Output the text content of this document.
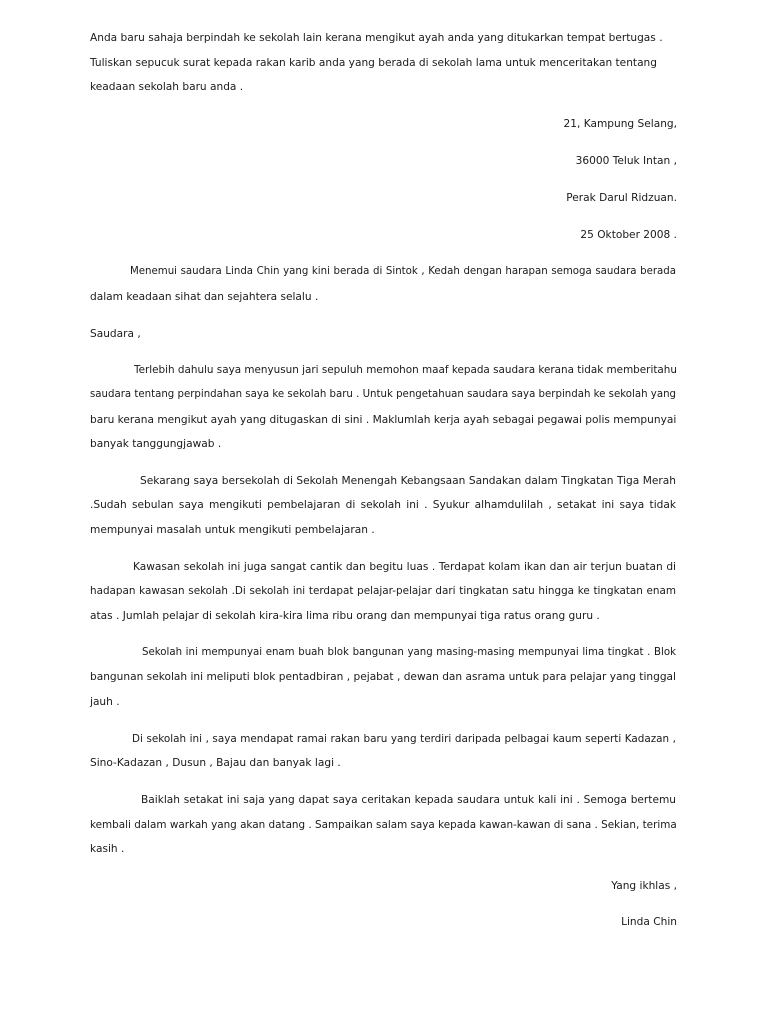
Anda baru sahaja berpindah ke sekolah lain kerana mengikut ayah anda yang ditukarkan tempat bertugas .
Tuliskan sepucuk surat kepada rakan karib anda yang berada di sekolah lama untuk menceritakan tentang
keadaan sekolah baru anda .
21, Kampung Selang,
36000 Teluk Intan ,
Perak Darul Ridzuan.
25 Oktober 2008 .
Menemui saudara Linda Chin yang kini berada di Sintok , Kedah dengan harapan semoga saudara berada
dalam keadaan sihat dan sejahtera selalu .
Saudara ,
Terlebih dahulu saya menyusun jari sepuluh memohon maaf kepada saudara kerana tidak memberitahu
saudara tentang perpindahan saya ke sekolah baru . Untuk pengetahuan saudara saya berpindah ke sekolah yang
baru kerana mengikut ayah yang ditugaskan di sini . Maklumlah kerja ayah sebagai pegawai polis mempunyai
banyak tanggungjawab .
Sekarang saya bersekolah di Sekolah Menengah Kebangsaan Sandakan dalam Tingkatan Tiga Merah
.Sudah sebulan saya mengikuti pembelajaran di sekolah ini . Syukur alhamdulilah , setakat ini saya tidak
mempunyai masalah untuk mengikuti pembelajaran .
Kawasan sekolah ini juga sangat cantik dan begitu luas . Terdapat kolam ikan dan air terjun buatan di
hadapan kawasan sekolah .Di sekolah ini terdapat pelajar-pelajar dari tingkatan satu hingga ke tingkatan enam
atas . Jumlah pelajar di sekolah kira-kira lima ribu orang dan mempunyai tiga ratus orang guru .
Sekolah ini mempunyai enam buah blok bangunan yang masing-masing mempunyai lima tingkat . Blok
bangunan sekolah ini meliputi blok pentadbiran , pejabat , dewan dan asrama untuk para pelajar yang tinggal
jauh .
Di sekolah ini , saya mendapat ramai rakan baru yang terdiri daripada pelbagai kaum seperti Kadazan ,
Sino-Kadazan , Dusun , Bajau dan banyak lagi .
Baiklah setakat ini saja yang dapat saya ceritakan kepada saudara untuk kali ini . Semoga bertemu
kembali dalam warkah yang akan datang . Sampaikan salam saya kepada kawan-kawan di sana . Sekian, terima
kasih .
Yang ikhlas ,
Linda Chin
